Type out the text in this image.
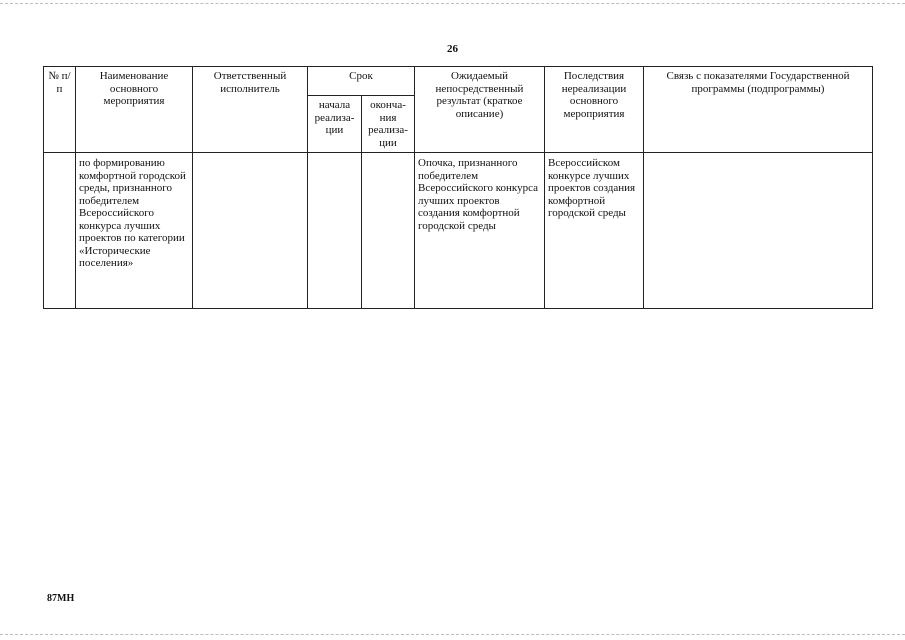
26
№ п/п	Наименование основного мероприятия	Ответственный исполнитель	Срок		Ожидаемый непосредственный результат (краткое описание)	Последствия нереализации основного мероприятия	Связь с показателями Государственной программы (подпрограммы)
			начала реализа-ции	оконча-ния реализа-ции			
	по формированию комфортной городской среды, признанного победителем Всероссийского конкурса лучших проектов по категории «Исторические поселения»				Опочка, признанного победителем Всероссийского конкурса лучших проектов создания комфортной городской среды	Всероссийском конкурсе лучших проектов создания комфортной городской среды	
87МН
